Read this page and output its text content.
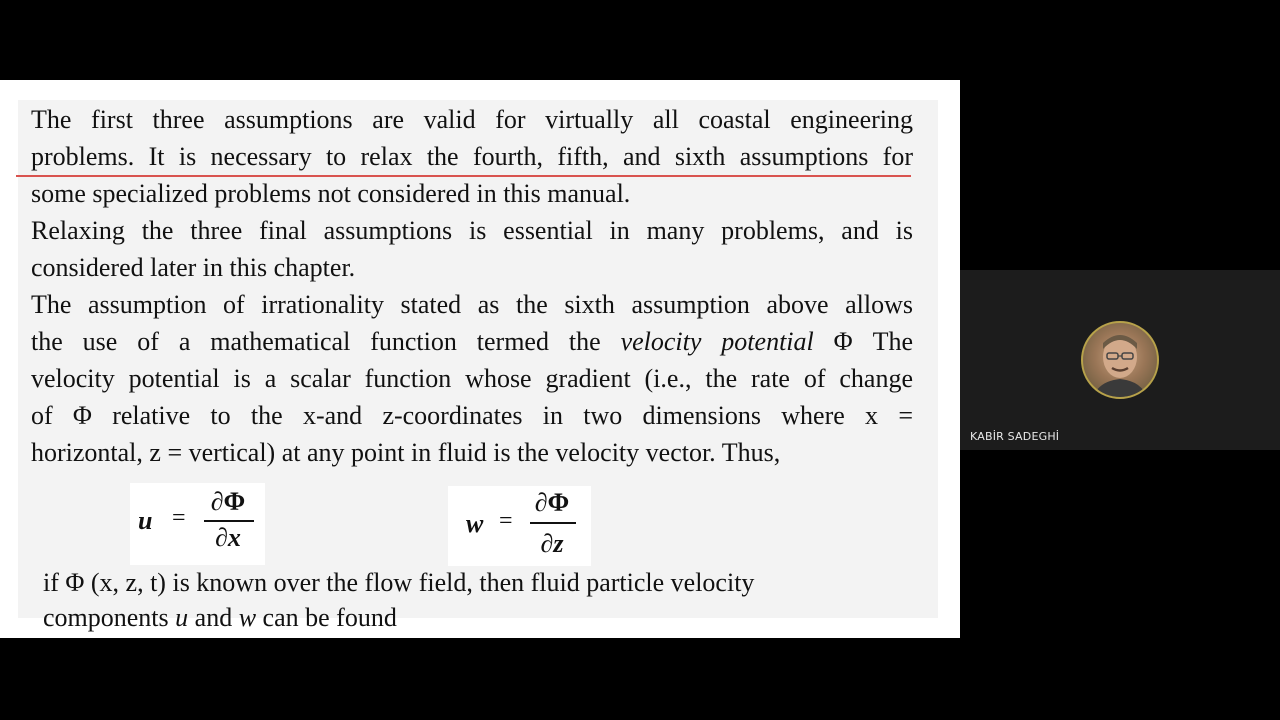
The first three assumptions are valid for virtually all coastal engineering
problems. It is necessary to relax the fourth, fifth, and sixth assumptions for
some specialized problems not considered in this manual.
Relaxing the three final assumptions is essential in many problems, and is
considered later in this chapter.
The assumption of irrationality stated as the sixth assumption above allows
the use of a mathematical function termed the velocity potential Φ The
velocity potential is a scalar function whose gradient (i.e., the rate of change
of Φ relative to the x-and z-coordinates in two dimensions where x =
horizontal, z = vertical) at any point in fluid is the velocity vector. Thus,
u =
∂Φ
∂x	w =
∂Φ
∂z
if Φ (x, z, t) is known over the flow field, then fluid particle velocity
components u and w can be found
KABİR SADEGHİ
